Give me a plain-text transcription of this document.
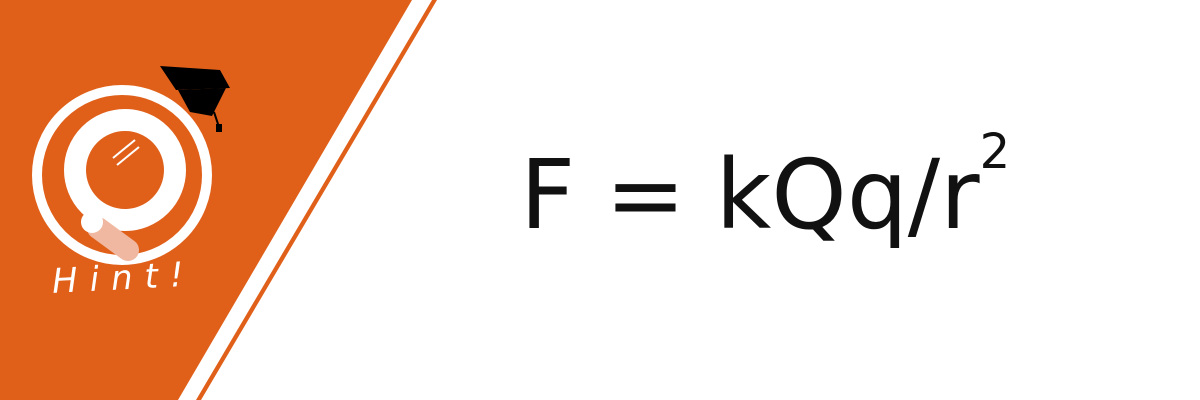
Hint!
F = kQq/$r^2$
